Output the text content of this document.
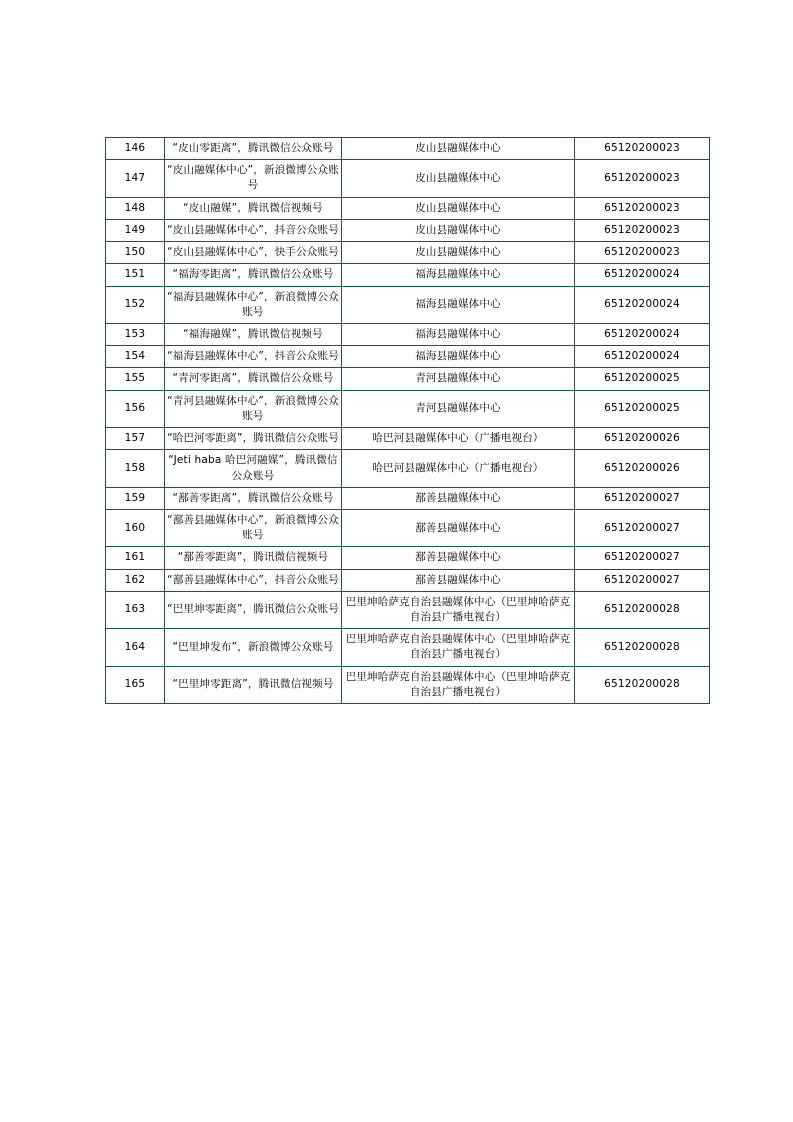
146	“皮山零距离”，腾讯微信公众账号	皮山县融媒体中心	65120200023
147	“皮山融媒体中心”，新浪微博公众账号	皮山县融媒体中心	65120200023
148	“皮山融媒”，腾讯微信视频号	皮山县融媒体中心	65120200023
149	“皮山县融媒体中心”，抖音公众账号	皮山县融媒体中心	65120200023
150	“皮山县融媒体中心”，快手公众账号	皮山县融媒体中心	65120200023
151	“福海零距离”，腾讯微信公众账号	福海县融媒体中心	65120200024
152	“福海县融媒体中心”，新浪微博公众账号	福海县融媒体中心	65120200024
153	“福海融媒”，腾讯微信视频号	福海县融媒体中心	65120200024
154	“福海县融媒体中心”，抖音公众账号	福海县融媒体中心	65120200024
155	“青河零距离”，腾讯微信公众账号	青河县融媒体中心	65120200025
156	“青河县融媒体中心”，新浪微博公众账号	青河县融媒体中心	65120200025
157	“哈巴河零距离”，腾讯微信公众账号	哈巴河县融媒体中心（广播电视台）	65120200026
158	“Jeti haba 哈巴河融媒”，腾讯微信公众账号	哈巴河县融媒体中心（广播电视台）	65120200026
159	“鄯善零距离”，腾讯微信公众账号	鄯善县融媒体中心	65120200027
160	“鄯善县融媒体中心”，新浪微博公众账号	鄯善县融媒体中心	65120200027
161	“鄯善零距离”，腾讯微信视频号	鄯善县融媒体中心	65120200027
162	“鄯善县融媒体中心”，抖音公众账号	鄯善县融媒体中心	65120200027
163	“巴里坤零距离”，腾讯微信公众账号	巴里坤哈萨克自治县融媒体中心（巴里坤哈萨克自治县广播电视台）	65120200028
164	“巴里坤发布”，新浪微博公众账号	巴里坤哈萨克自治县融媒体中心（巴里坤哈萨克自治县广播电视台）	65120200028
165	“巴里坤零距离”，腾讯微信视频号	巴里坤哈萨克自治县融媒体中心（巴里坤哈萨克自治县广播电视台）	65120200028
